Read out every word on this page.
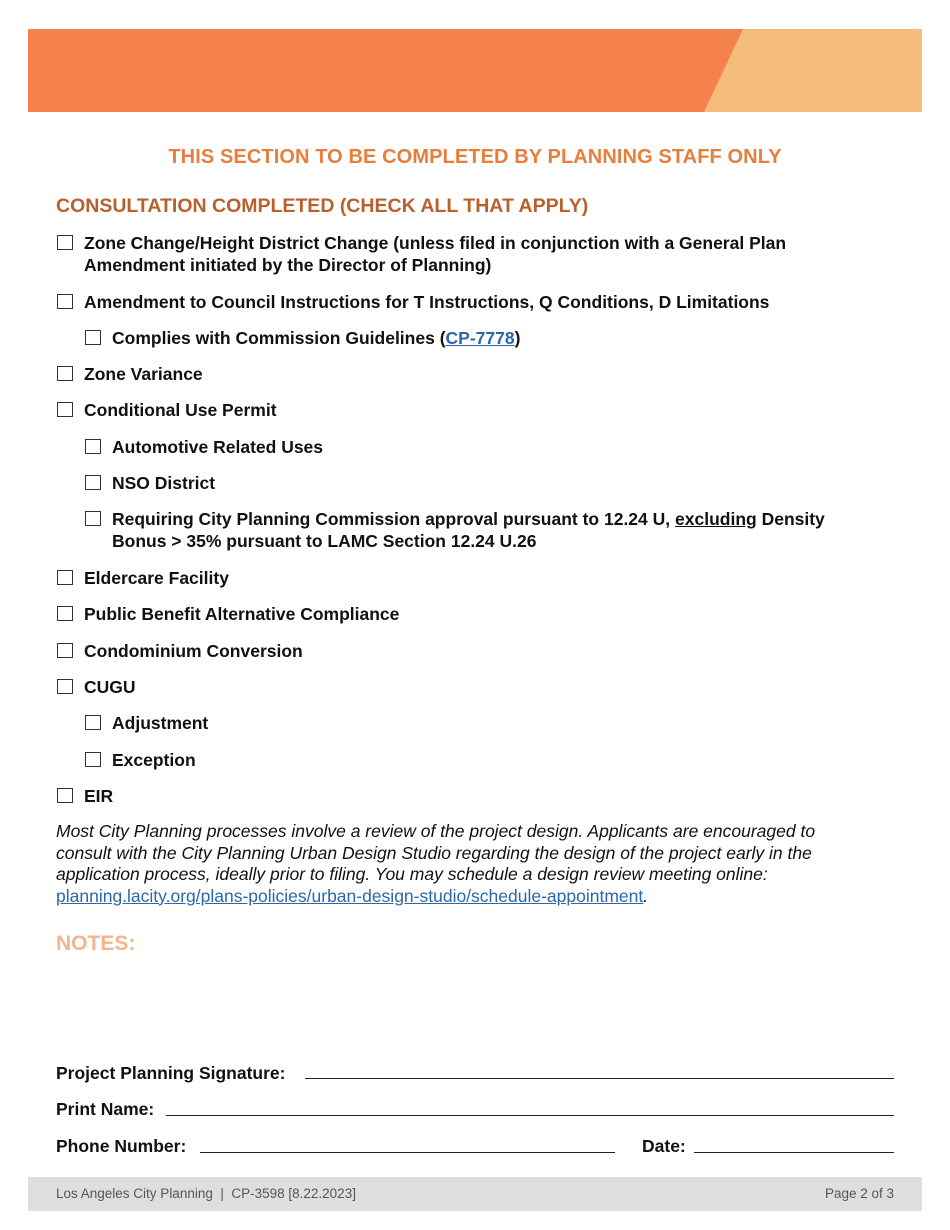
THIS SECTION TO BE COMPLETED BY PLANNING STAFF ONLY
CONSULTATION COMPLETED (CHECK ALL THAT APPLY)
Zone Change/Height District Change (unless filed in conjunction with a General Plan
Amendment initiated by the Director of Planning)
Amendment to Council Instructions for T Instructions, Q Conditions, D Limitations
Complies with Commission Guidelines (CP-7778)
Zone Variance
Conditional Use Permit
Automotive Related Uses
NSO District
Requiring City Planning Commission approval pursuant to 12.24 U, excluding Density
Bonus > 35% pursuant to LAMC Section 12.24 U.26
Eldercare Facility
Public Benefit Alternative Compliance
Condominium Conversion
CUGU
Adjustment
Exception
EIR
Most City Planning processes involve a review of the project design. Applicants are encouraged to
consult with the City Planning Urban Design Studio regarding the design of the project early in the
application process, ideally prior to filing. You may schedule a design review meeting online:
planning.lacity.org/plans-policies/urban-design-studio/schedule-appointment.
NOTES:
Project Planning Signature:
Print Name:
Phone Number:	Date:
Los Angeles City Planning  |  CP-3598 [8.22.2023]	Page 2 of 3
